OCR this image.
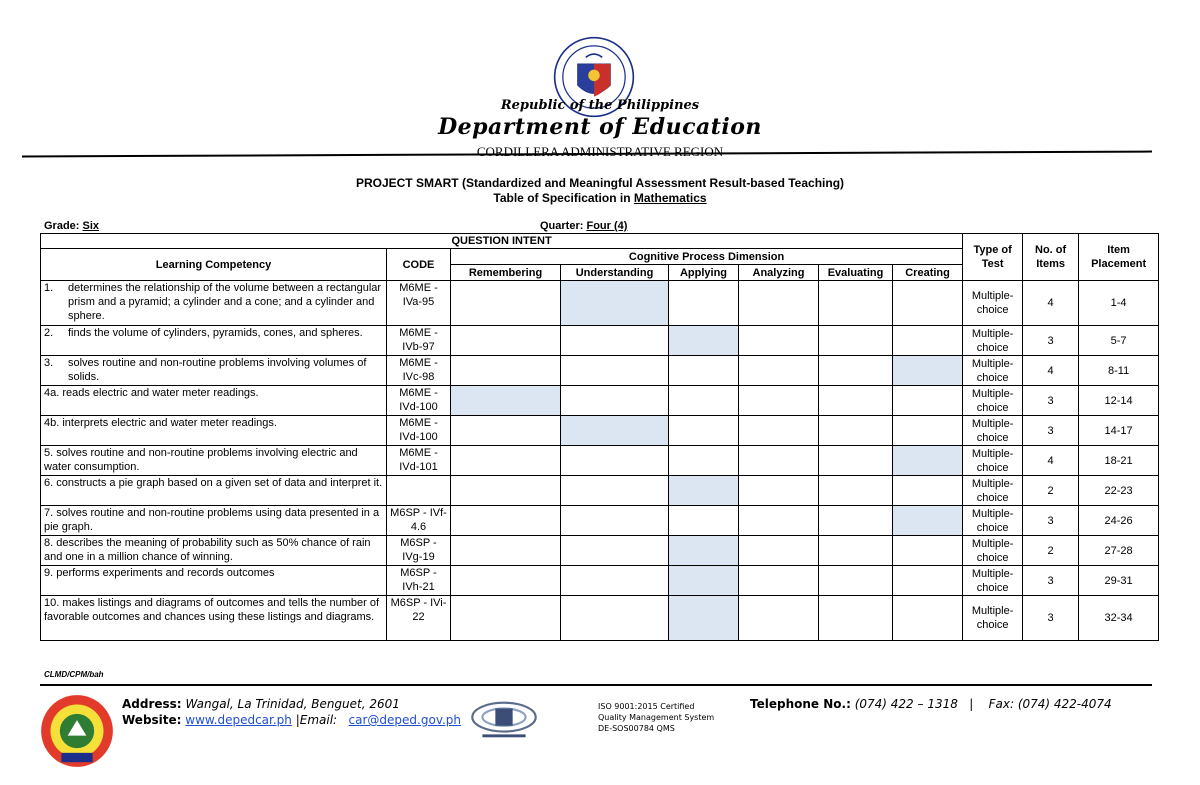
Republic of the Philippines
Department of Education
CORDILLERA ADMINISTRATIVE REGION
PROJECT SMART (Standardized and Meaningful Assessment Result-based Teaching)
Table of Specification in Mathematics
Grade: Six	Quarter: Four (4)
QUESTION INTENT								Type of Test	No. of Items	Item Placement
Learning Competency	CODE	Cognitive Process Dimension								
		Remembering	Understanding	Applying	Analyzing	Evaluating	Creating			

1. determines the relationship of the volume between a rectangular prism and a pyramid; a cylinder and a cone; and a cylinder and sphere.	M6ME - IVa-95							Multiple-choice	4	1-4

2. finds the volume of cylinders, pyramids, cones, and spheres.	M6ME - IVb-97							Multiple-choice	3	5-7

3. solves routine and non-routine problems involving volumes of solids.	M6ME - IVc-98							Multiple-choice	4	8-11
4a. reads electric and water meter readings.	M6ME - IVd-100							Multiple-choice	3	12-14
4b. interprets electric and water meter readings.	M6ME - IVd-100							Multiple-choice	3	14-17
5. solves routine and non-routine problems involving electric and water consumption.	M6ME - IVd-101							Multiple-choice	4	18-21
6. constructs a pie graph based on a given set of data and interpret it.								Multiple-choice	2	22-23
7. solves routine and non-routine problems using data presented in a pie graph.	M6SP - IVf-4.6							Multiple-choice	3	24-26
8. describes the meaning of probability such as 50% chance of rain and one in a million chance of winning.	M6SP - IVg-19							Multiple-choice	2	27-28
9. performs experiments and records outcomes	M6SP - IVh-21							Multiple-choice	3	29-31
10. makes listings and diagrams of outcomes and tells the number of favorable outcomes and chances using these listings and diagrams.	M6SP - IVi-22							Multiple-choice	3	32-34
CLMD/CPM/bah
Address: Wangal, La Trinidad, Benguet, 2601
Website: www.depedcar.ph |Email: car@deped.gov.ph
ISO 9001:2015 Certified
Quality Management System
DE-SOS00784 QMS
Telephone No.: (074) 422 – 1318   |    Fax: (074) 422-4074
